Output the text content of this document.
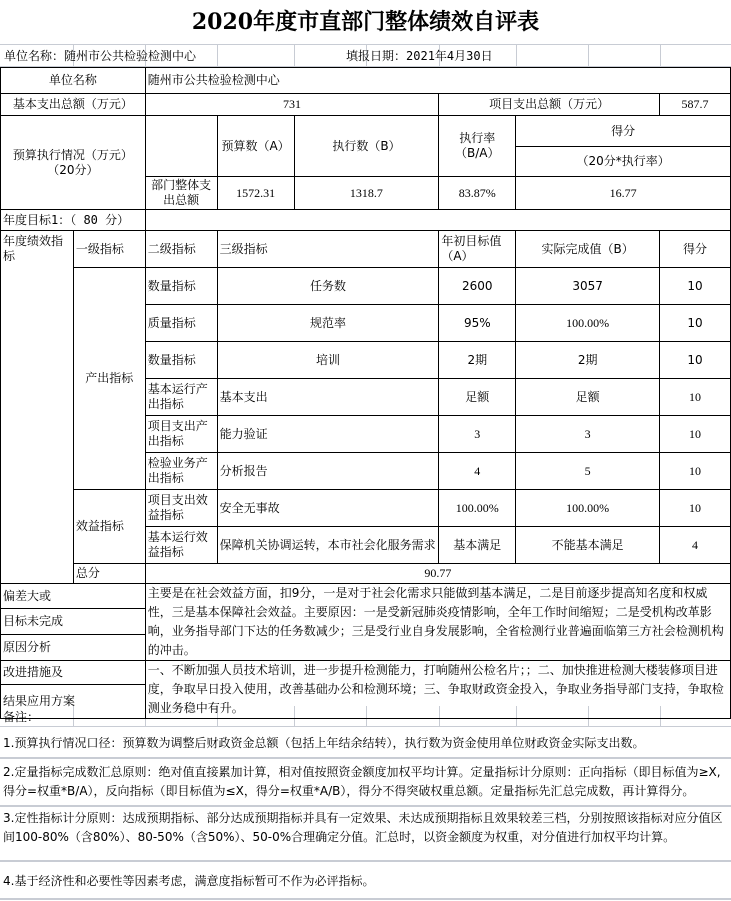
2020年度市直部门整体绩效自评表
单位名称：随州市公共检验检测中心	填报日期：2021年4月30日
单位名称		随州市公共检验检测中心					
基本支出总额（万元）		731			项目支出总额（万元）		587.7
预算执行情况（万元）（20分）			预算数（A）	执行数（B）	执行率（B/A）	得分	
						（20分*执行率）	
		部门整体支出总额	1572.31	1318.7	83.87%	16.77	
年度目标1：（ 80 分）							
年度绩效指标	一级指标	二级指标	三级指标		年初目标值（A）	实际完成值（B）	得分
	产出指标	数量指标	任务数		2600	3057	10
		质量指标	规范率		95%	100.00%	10
		数量指标	培训		2期	2期	10
		基本运行产出指标	基本支出		足额	足额	10
		项目支出产出指标	能力验证		3	3	10
		检验业务产出指标	分析报告		4	5	10
	效益指标	项目支出效益指标	安全无事故		100.00%	100.00%	10
		基本运行效益指标	保障机关协调运转，本市社会化服务需求		基本满足	不能基本满足	4
	总分	90.77					
偏差大或		主要是在社会效益方面，扣9分，一是对于社会化需求只能做到基本满足，二是目前逐步提高知名度和权威性，三是基本保障社会效益。主要原因：一是受新冠肺炎疫情影响，全年工作时间缩短；二是受机构改革影响，业务指导部门下达的任务数减少；三是受行业自身发展影响，全省检测行业普遍面临第三方社会检测机构的冲击。					
目标未完成							
原因分析							
改进措施及		一、不断加强人员技术培训，进一步提升检测能力，打响随州公检名片；；二、加快推进检测大楼装修项目进度，争取早日投入使用，改善基础办公和检测环境；三、争取财政资金投入，争取业务指导部门支持，争取检测业务稳中有升。					
结果应用方案							
备注：
1.预算执行情况口径：预算数为调整后财政资金总额（包括上年结余结转），执行数为资金使用单位财政资金实际支出数。
2.定量指标完成数汇总原则：绝对值直接累加计算，相对值按照资金额度加权平均计算。定量指标计分原则：正向指标（即目标值为≥X,得分=权重*B/A），反向指标（即目标值为≤X，得分=权重*A/B），得分不得突破权重总额。定量指标先汇总完成数，再计算得分。
3.定性指标计分原则：达成预期指标、部分达成预期指标并具有一定效果、未达成预期指标且效果较差三档，分别按照该指标对应分值区间100-80%（含80%）、80-50%（含50%）、50-0%合理确定分值。汇总时，以资金额度为权重，对分值进行加权平均计算。
4.基于经济性和必要性等因素考虑，满意度指标暂可不作为必评指标。
